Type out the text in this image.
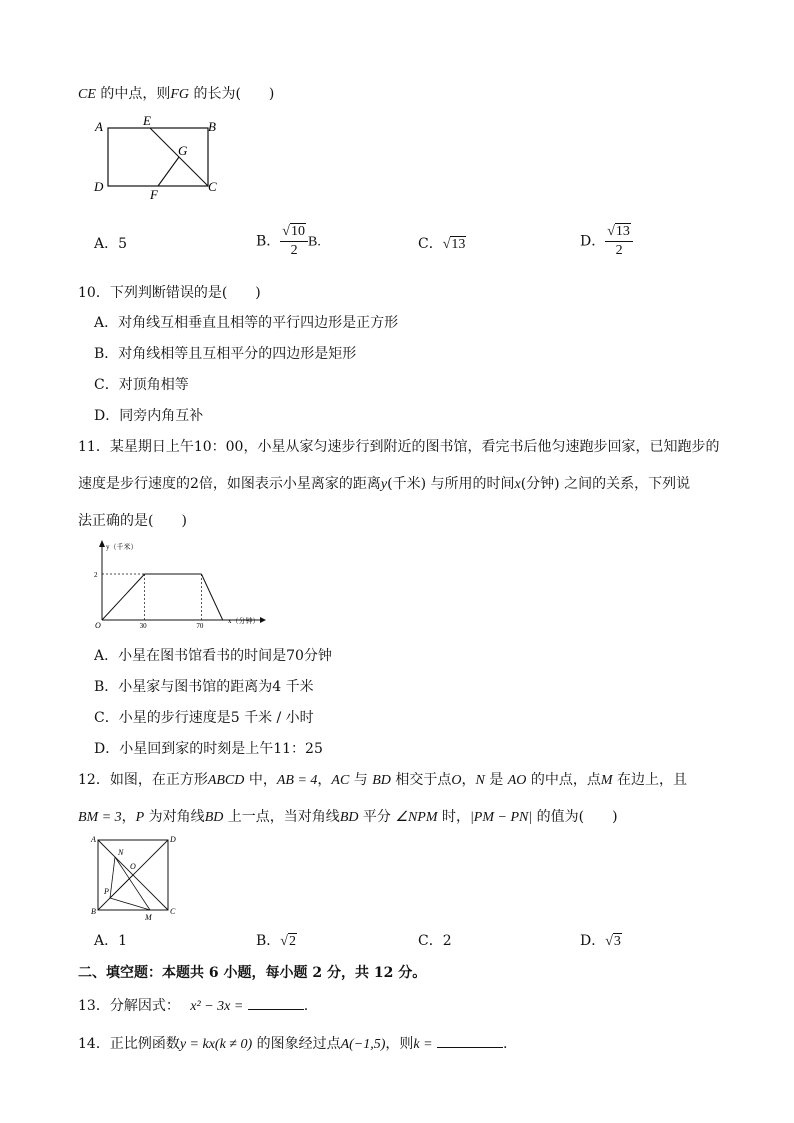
CE 的中点，则FG 的长为(　　)
A	E	B
G
D	C
F
A．5	B． $\frac{√10}{2} B$.	C．√13	D． $\frac{√13}{2}$
10．下列判断错误的是(　　)
A．对角线互相垂直且相等的平行四边形是正方形
B．对角线相等且互相平分的四边形是矩形
C．对顶角相等
D．同旁内角互补
11．某星期日上午10：00，小星从家匀速步行到附近的图书馆，看完书后他匀速跑步回家，已知跑步的
速度是步行速度的2倍，如图表示小星离家的距离y(千米) 与所用的时间x(分钟) 之间的关系，下列说
法正确的是(　　)
y（千米）
x（分钟）
O	30	70
2
A．小星在图书馆看书的时间是70分钟
B．小星家与图书馆的距离为4 千米
C．小星的步行速度是5 千米 / 小时
D．小星回到家的时刻是上午11：25
12．如图，在正方形ABCD 中，AB = 4，AC 与 BD 相交于点O，N 是 AO 的中点，点M 在边上，且
BM = 3，P 为对角线BD 上一点，当对角线BD 平分 ∠NPM 时，|PM − PN| 的值为(　　)
A	D
B	C
N
O
P
M
A．1	B．√2	C．2	D．√3
二、填空题：本题共 6 小题，每小题 2 分，共 12 分。
13．分解因式： x² − 3x =	.
14．正比例函数y = kx(k ≠ 0) 的图象经过点A(−1,5)，则k =	.
